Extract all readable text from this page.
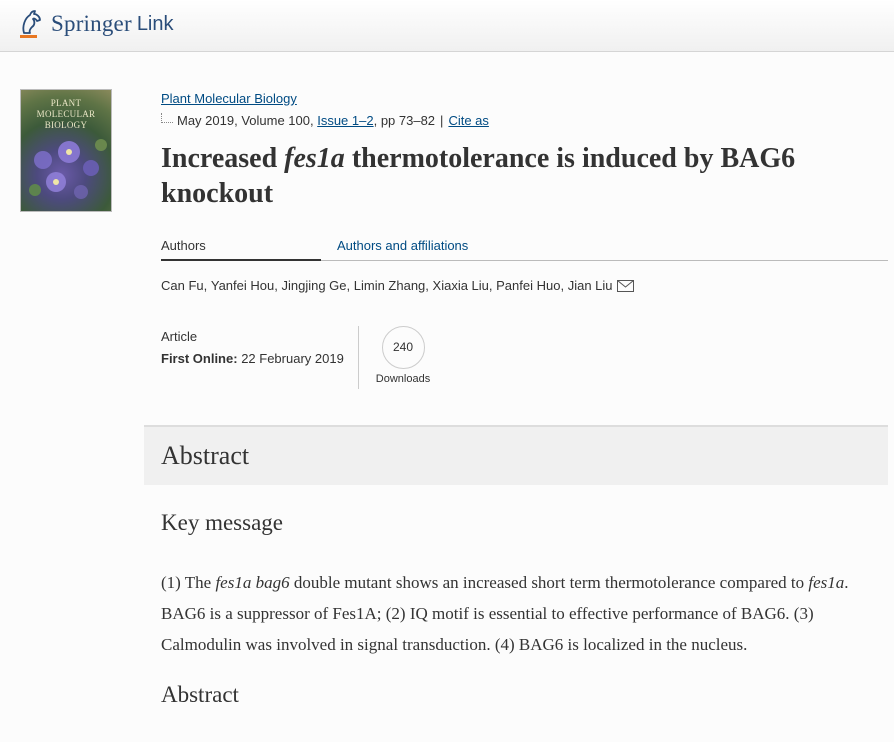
Springer Link
PLANT
MOLECULAR
BIOLOGY
Plant Molecular Biology
May 2019, Volume 100,
Issue 1–2 , pp 73–82 | Cite as
Increased fes1a thermotolerance is induced by BAG6 knockout
Authors	Authors and affiliations
Can Fu , Yanfei Hou , Jingjing Ge , Limin Zhang , Xiaxia Liu , Panfei Huo , Jian Liu
Article
First Online: 22 February 2019
240
Downloads
Abstract
Key message

(1) The fes1a bag6 double mutant shows an increased short term thermotolerance compared to fes1a. BAG6 is a suppressor of Fes1A; (2) IQ motif is essential to effective performance of BAG6. (3) Calmodulin was involved in signal transduction. (4) BAG6 is localized in the nucleus.

Abstract
